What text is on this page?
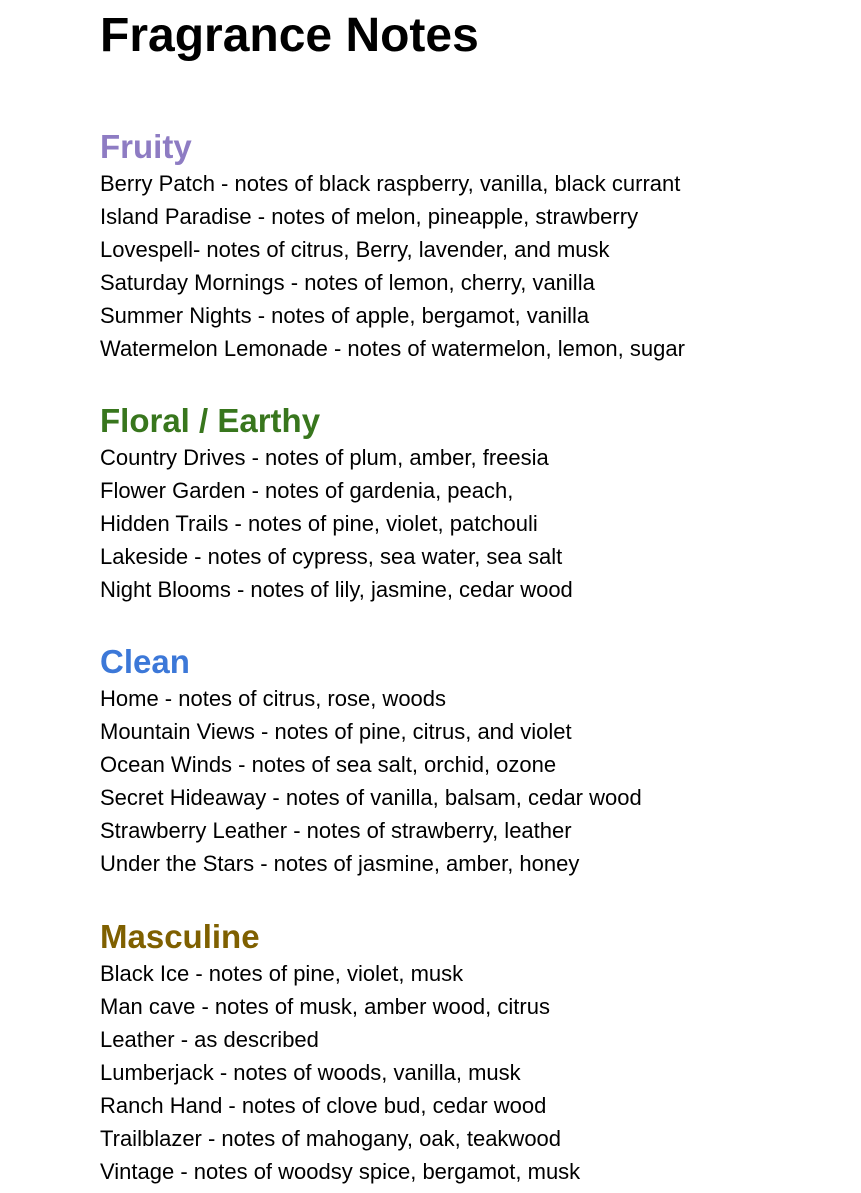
Fragrance Notes
Fruity
Berry Patch - notes of black raspberry, vanilla, black currant
Island Paradise - notes of melon, pineapple, strawberry
Lovespell- notes of citrus, Berry, lavender, and musk
Saturday Mornings - notes of lemon, cherry, vanilla
Summer Nights - notes of apple, bergamot, vanilla
Watermelon Lemonade - notes of watermelon, lemon, sugar
Floral / Earthy
Country Drives - notes of plum, amber, freesia
Flower Garden - notes of gardenia, peach,
Hidden Trails - notes of pine, violet, patchouli
Lakeside - notes of cypress, sea water, sea salt
Night Blooms - notes of lily, jasmine, cedar wood
Clean
Home - notes of citrus, rose, woods
Mountain Views - notes of pine, citrus, and violet
Ocean Winds - notes of sea salt, orchid, ozone
Secret Hideaway - notes of vanilla, balsam, cedar wood
Strawberry Leather - notes of strawberry, leather
Under the Stars - notes of jasmine, amber, honey
Masculine
Black Ice - notes of pine, violet, musk
Man cave - notes of musk, amber wood, citrus
Leather - as described
Lumberjack - notes of woods, vanilla, musk
Ranch Hand - notes of clove bud, cedar wood
Trailblazer - notes of mahogany, oak, teakwood
Vintage - notes of woodsy spice, bergamot, musk
